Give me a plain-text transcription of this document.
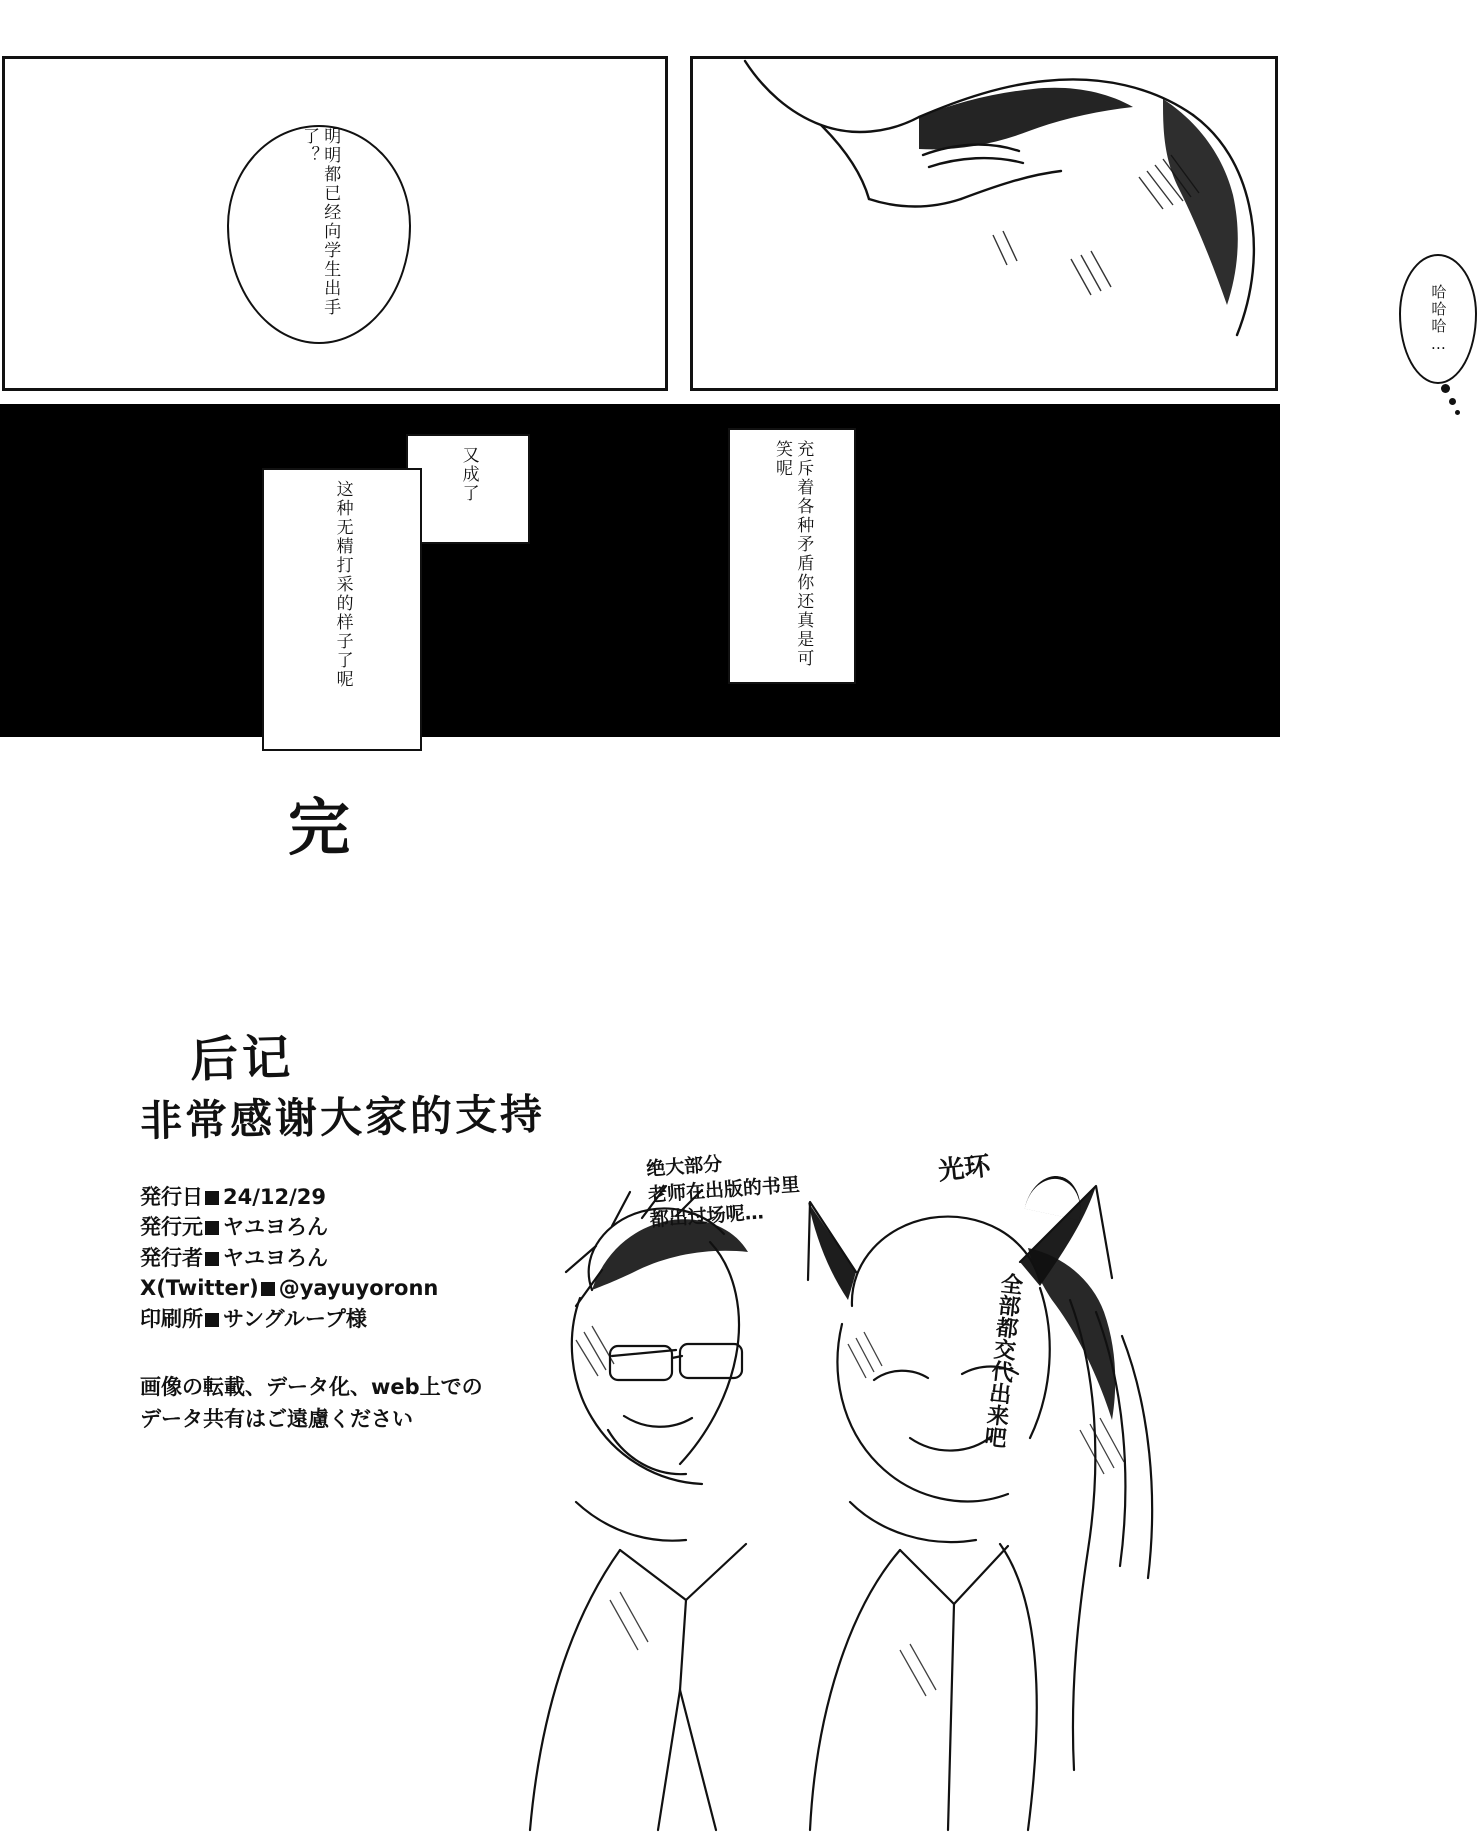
明明都已经向学生出手了？
哈哈哈…
又成了
这种无精打采的样子了呢	充斥着各种矛盾你还真是可笑呢
完
后记
非常感谢大家的支持
绝大部分
老师在出版的书里
都出过场呢…
光环
全部都交代出来吧
発行日 24/12/29
発行元 ヤユヨろん
発行者 ヤユヨろん
X(Twitter) @yayuyoronn
印刷所 サングループ様
画像の転載、データ化、web上での
データ共有はご遠慮ください
